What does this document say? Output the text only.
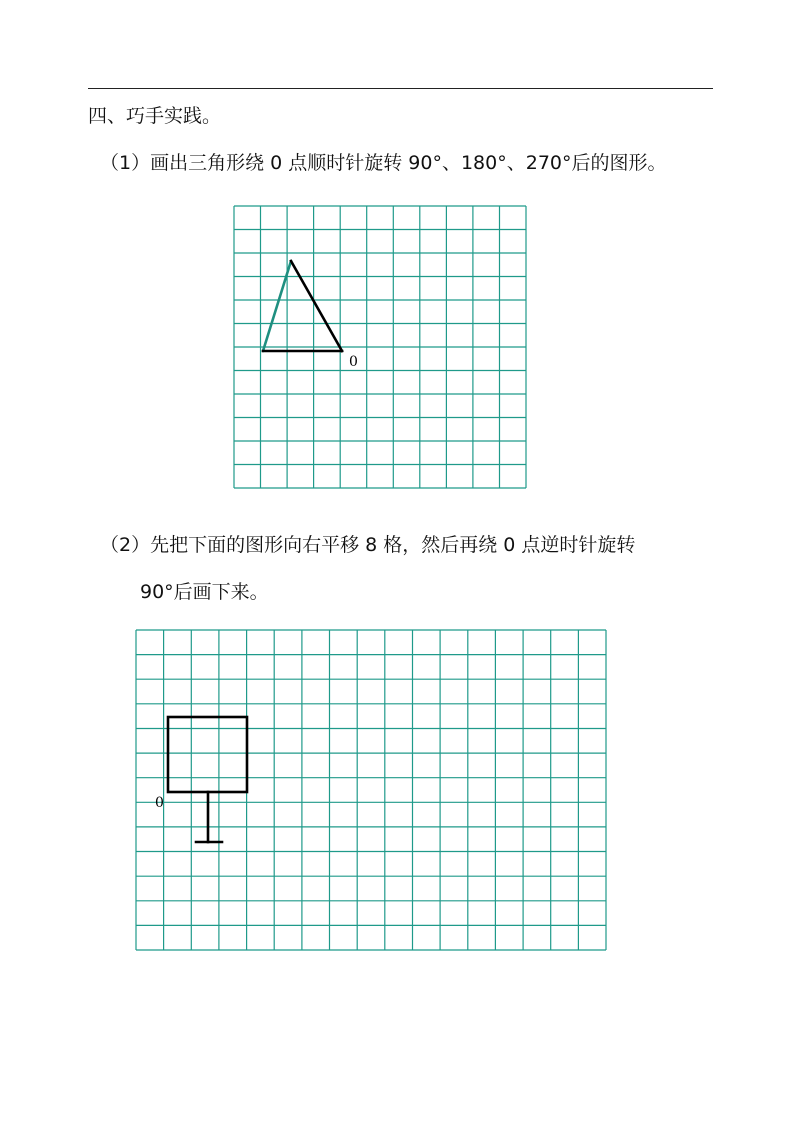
四、巧手实践。
（1）画出三角形绕 0 点顺时针旋转 90°、180°、270°后的图形。
0
（2）先把下面的图形向右平移 8 格，然后再绕 0 点逆时针旋转
90°后画下来。
0
